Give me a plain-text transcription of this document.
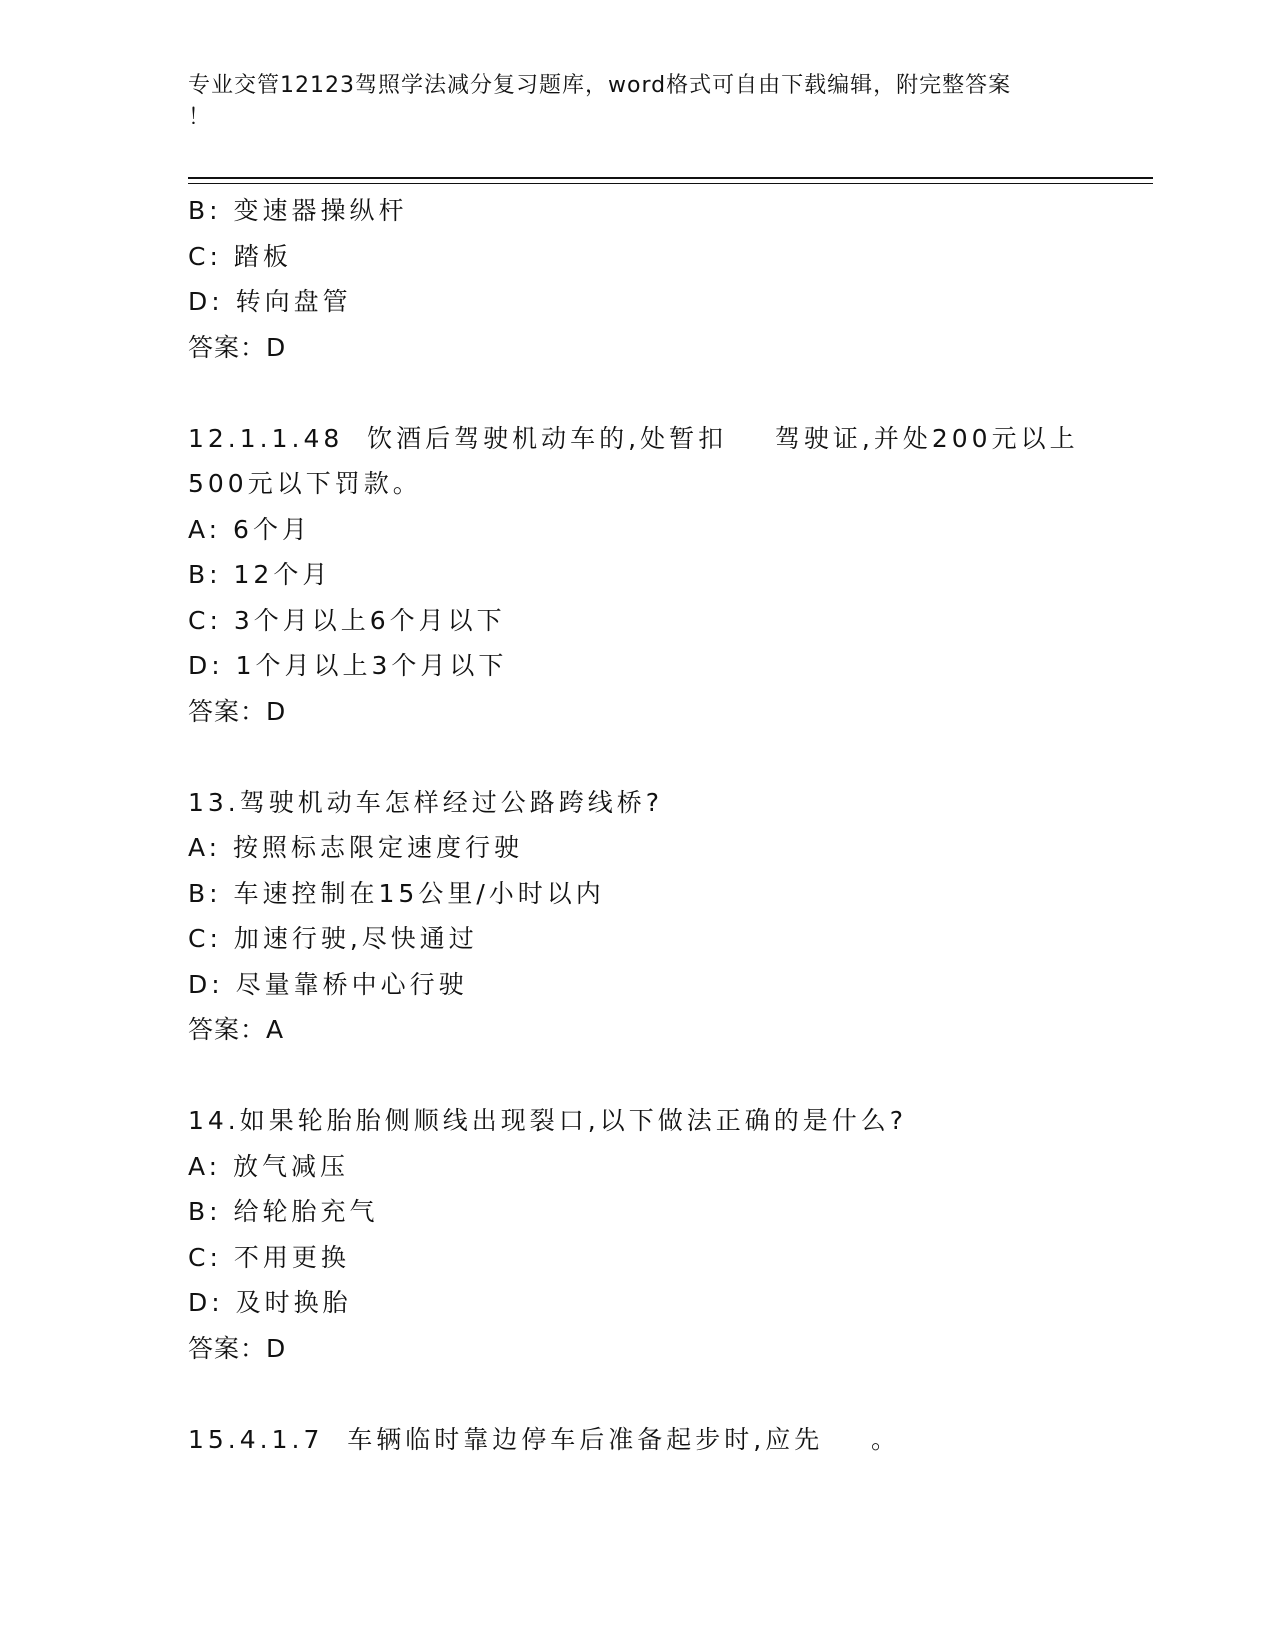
专业交管12123驾照学法减分复习题库，word格式可自由下载编辑，附完整答案
！
B: 变速器操纵杆
C: 踏板
D: 转向盘管
答案：D
12.1.1.48  饮酒后驾驶机动车的,处暂扣    驾驶证,并处200元以上
500元以下罚款。
A: 6个月
B: 12个月
C: 3个月以上6个月以下
D: 1个月以上3个月以下
答案：D
13.驾驶机动车怎样经过公路跨线桥?
A: 按照标志限定速度行驶
B: 车速控制在15公里/小时以内
C: 加速行驶,尽快通过
D: 尽量靠桥中心行驶
答案：A
14.如果轮胎胎侧顺线出现裂口,以下做法正确的是什么?
A: 放气减压
B: 给轮胎充气
C: 不用更换
D: 及时换胎
答案：D
15.4.1.7  车辆临时靠边停车后准备起步时,应先    。
